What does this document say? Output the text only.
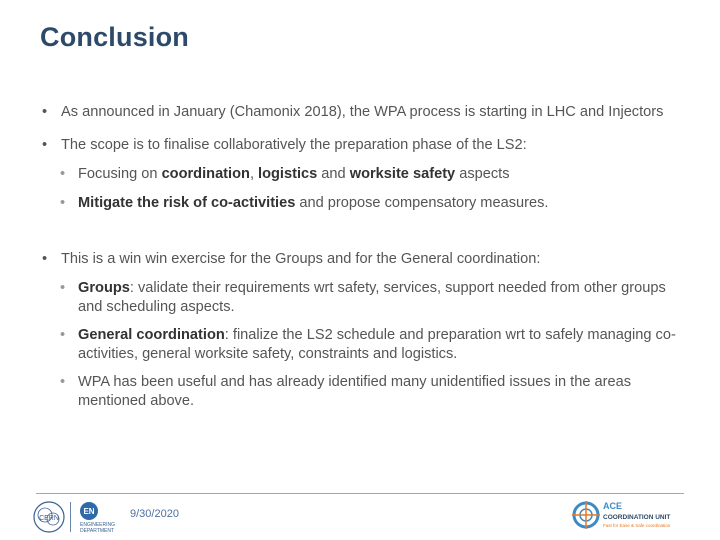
Conclusion
• As announced in January (Chamonix 2018), the WPA process is starting in LHC and Injectors
• The scope is to finalise collaboratively the preparation phase of the LS2:
• Focusing on coordination, logistics and worksite safety aspects
• Mitigate the risk of co-activities and propose compensatory measures.
• This is a win win exercise for the Groups and for the General coordination:
• Groups: validate their requirements wrt safety, services, support needed from other groups and scheduling aspects.
• General coordination: finalize the LS2 schedule and preparation wrt to safely managing co-activities, general worksite safety, constraints and logistics.
• WPA has been useful and has already identified many unidentified issues in the areas mentioned above.
CERN
EN
ENGINEERING
DEPARTMENT
9/30/2020
ACE
COORDINATION UNIT
Fast for Ease & Safe coordination
